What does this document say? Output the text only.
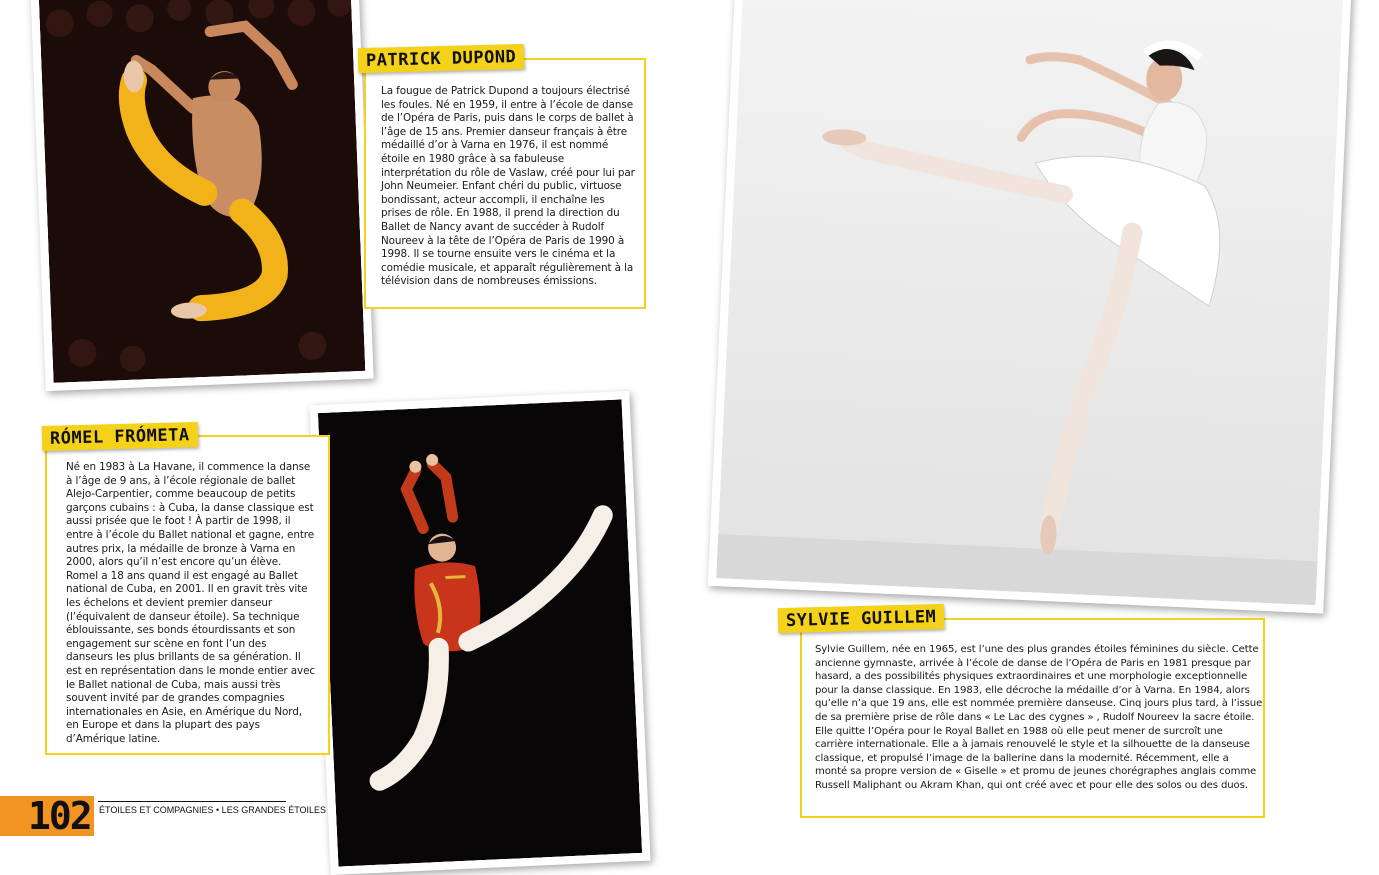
La fougue de Patrick Dupond a toujours électrisé les foules. Né en 1959, il entre à l’école de danse de l’Opéra de Paris, puis dans le corps de ballet à l’âge de 15 ans. Premier danseur français à être médaillé d’or à Varna en 1976, il est nommé étoile en 1980 grâce à sa fabuleuse interprétation du rôle de Vaslaw, créé pour lui par John Neumeier. Enfant chéri du public, virtuose bondissant, acteur accompli, il enchaîne les prises de rôle. En 1988, il prend la direction du Ballet de Nancy avant de succéder à Rudolf Noureev à la tête de l’Opéra de Paris de 1990 à 1998. Il se tourne ensuite vers le cinéma et la comédie musicale, et apparaît régulièrement à la télévision dans de nombreuses émissions.

PATRICK DUPOND

Né en 1983 à La Havane, il commence la danse à l’âge de 9 ans, à l’école régionale de ballet Alejo-Carpentier, comme beaucoup de petits garçons cubains : à Cuba, la danse classique est aussi prisée que le foot ! À partir de 1998, il entre à l’école du Ballet national et gagne, entre autres prix, la médaille de bronze à Varna en 2000, alors qu’il n’est encore qu’un élève. Romel a 18 ans quand il est engagé au Ballet national de Cuba, en 2001. Il en gravit très vite les échelons et devient premier danseur (l’équivalent de danseur étoile). Sa technique éblouissante, ses bonds étourdissants et son engagement sur scène en font l’un des danseurs les plus brillants de sa génération. Il est en représentation dans le monde entier avec le Ballet national de Cuba, mais aussi très souvent invité par de grandes compagnies internationales en Asie, en Amérique du Nord, en Europe et dans la plupart des pays d’Amérique latine.

RÓMEL FRÓMETA

Sylvie Guillem, née en 1965, est l’une des plus grandes étoiles féminines du siècle. Cette ancienne gymnaste, arrivée à l’école de danse de l’Opéra de Paris en 1981 presque par hasard, a des possibilités physiques extraordinaires et une morphologie exceptionnelle pour la danse classique. En 1983, elle décroche la médaille d’or à Varna. En 1984, alors qu’elle n’a que 19 ans, elle est nommée première danseuse. Cinq jours plus tard, à l’issue de sa première prise de rôle dans « Le Lac des cygnes » , Rudolf Noureev la sacre étoile. Elle quitte l’Opéra pour le Royal Ballet en 1988 où elle peut mener de surcroît une carrière internationale. Elle a à jamais renouvelé le style et la silhouette de la danseuse classique, et propulsé l’image de la ballerine dans la modernité. Récemment, elle a monté sa propre version de « Giselle » et promu de jeunes chorégraphes anglais comme Russell Maliphant ou Akram Khan, qui ont créé avec et pour elle des solos ou des duos.

SYLVIE GUILLEM
102 ÉTOILES ET COMPAGNIES • LES GRANDES ÉTOILES
